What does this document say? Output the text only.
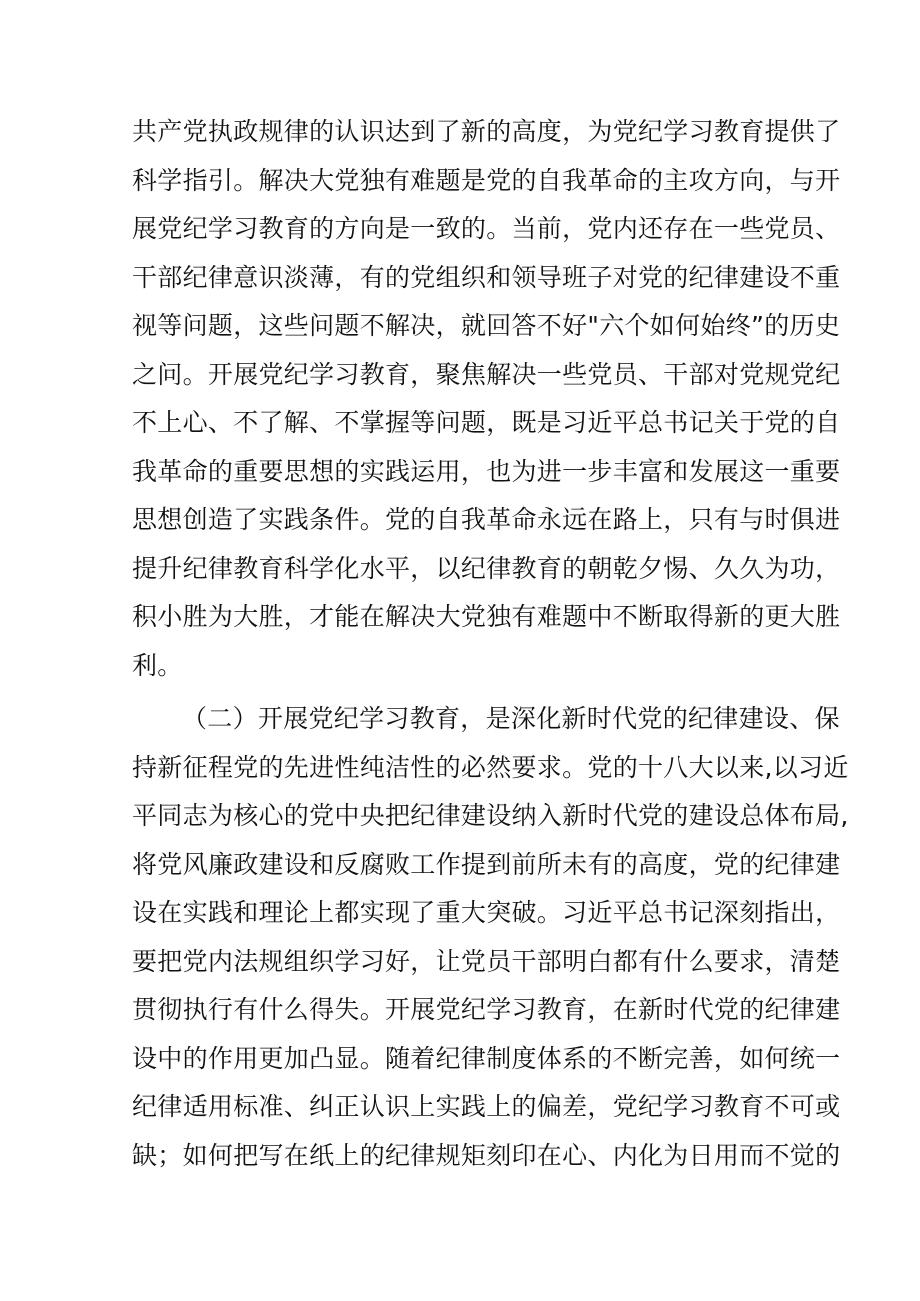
共产党执政规律的认识达到了新的高度，为党纪学习教育提供了
科学指引。解决大党独有难题是党的自我革命的主攻方向，与开
展党纪学习教育的方向是一致的。当前，党内还存在一些党员、
干部纪律意识淡薄，有的党组织和领导班子对党的纪律建设不重
视等问题，这些问题不解决，就回答不好"六个如何始终”的历史
之问。开展党纪学习教育，聚焦解决一些党员、干部对党规党纪
不上心、不了解、不掌握等问题，既是习近平总书记关于党的自
我革命的重要思想的实践运用，也为进一步丰富和发展这一重要
思想创造了实践条件。党的自我革命永远在路上，只有与时俱进
提升纪律教育科学化水平，以纪律教育的朝乾夕惕、久久为功，
积小胜为大胜，才能在解决大党独有难题中不断取得新的更大胜
利。
（二）开展党纪学习教育，是深化新时代党的纪律建设、保
持新征程党的先进性纯洁性的必然要求。党的十八大以来,以习近
平同志为核心的党中央把纪律建设纳入新时代党的建设总体布局,
将党风廉政建设和反腐败工作提到前所未有的高度，党的纪律建
设在实践和理论上都实现了重大突破。习近平总书记深刻指出，
要把党内法规组织学习好，让党员干部明白都有什么要求，清楚
贯彻执行有什么得失。开展党纪学习教育，在新时代党的纪律建
设中的作用更加凸显。随着纪律制度体系的不断完善，如何统一
纪律适用标准、纠正认识上实践上的偏差，党纪学习教育不可或
缺；如何把写在纸上的纪律规矩刻印在心、内化为日用而不觉的
